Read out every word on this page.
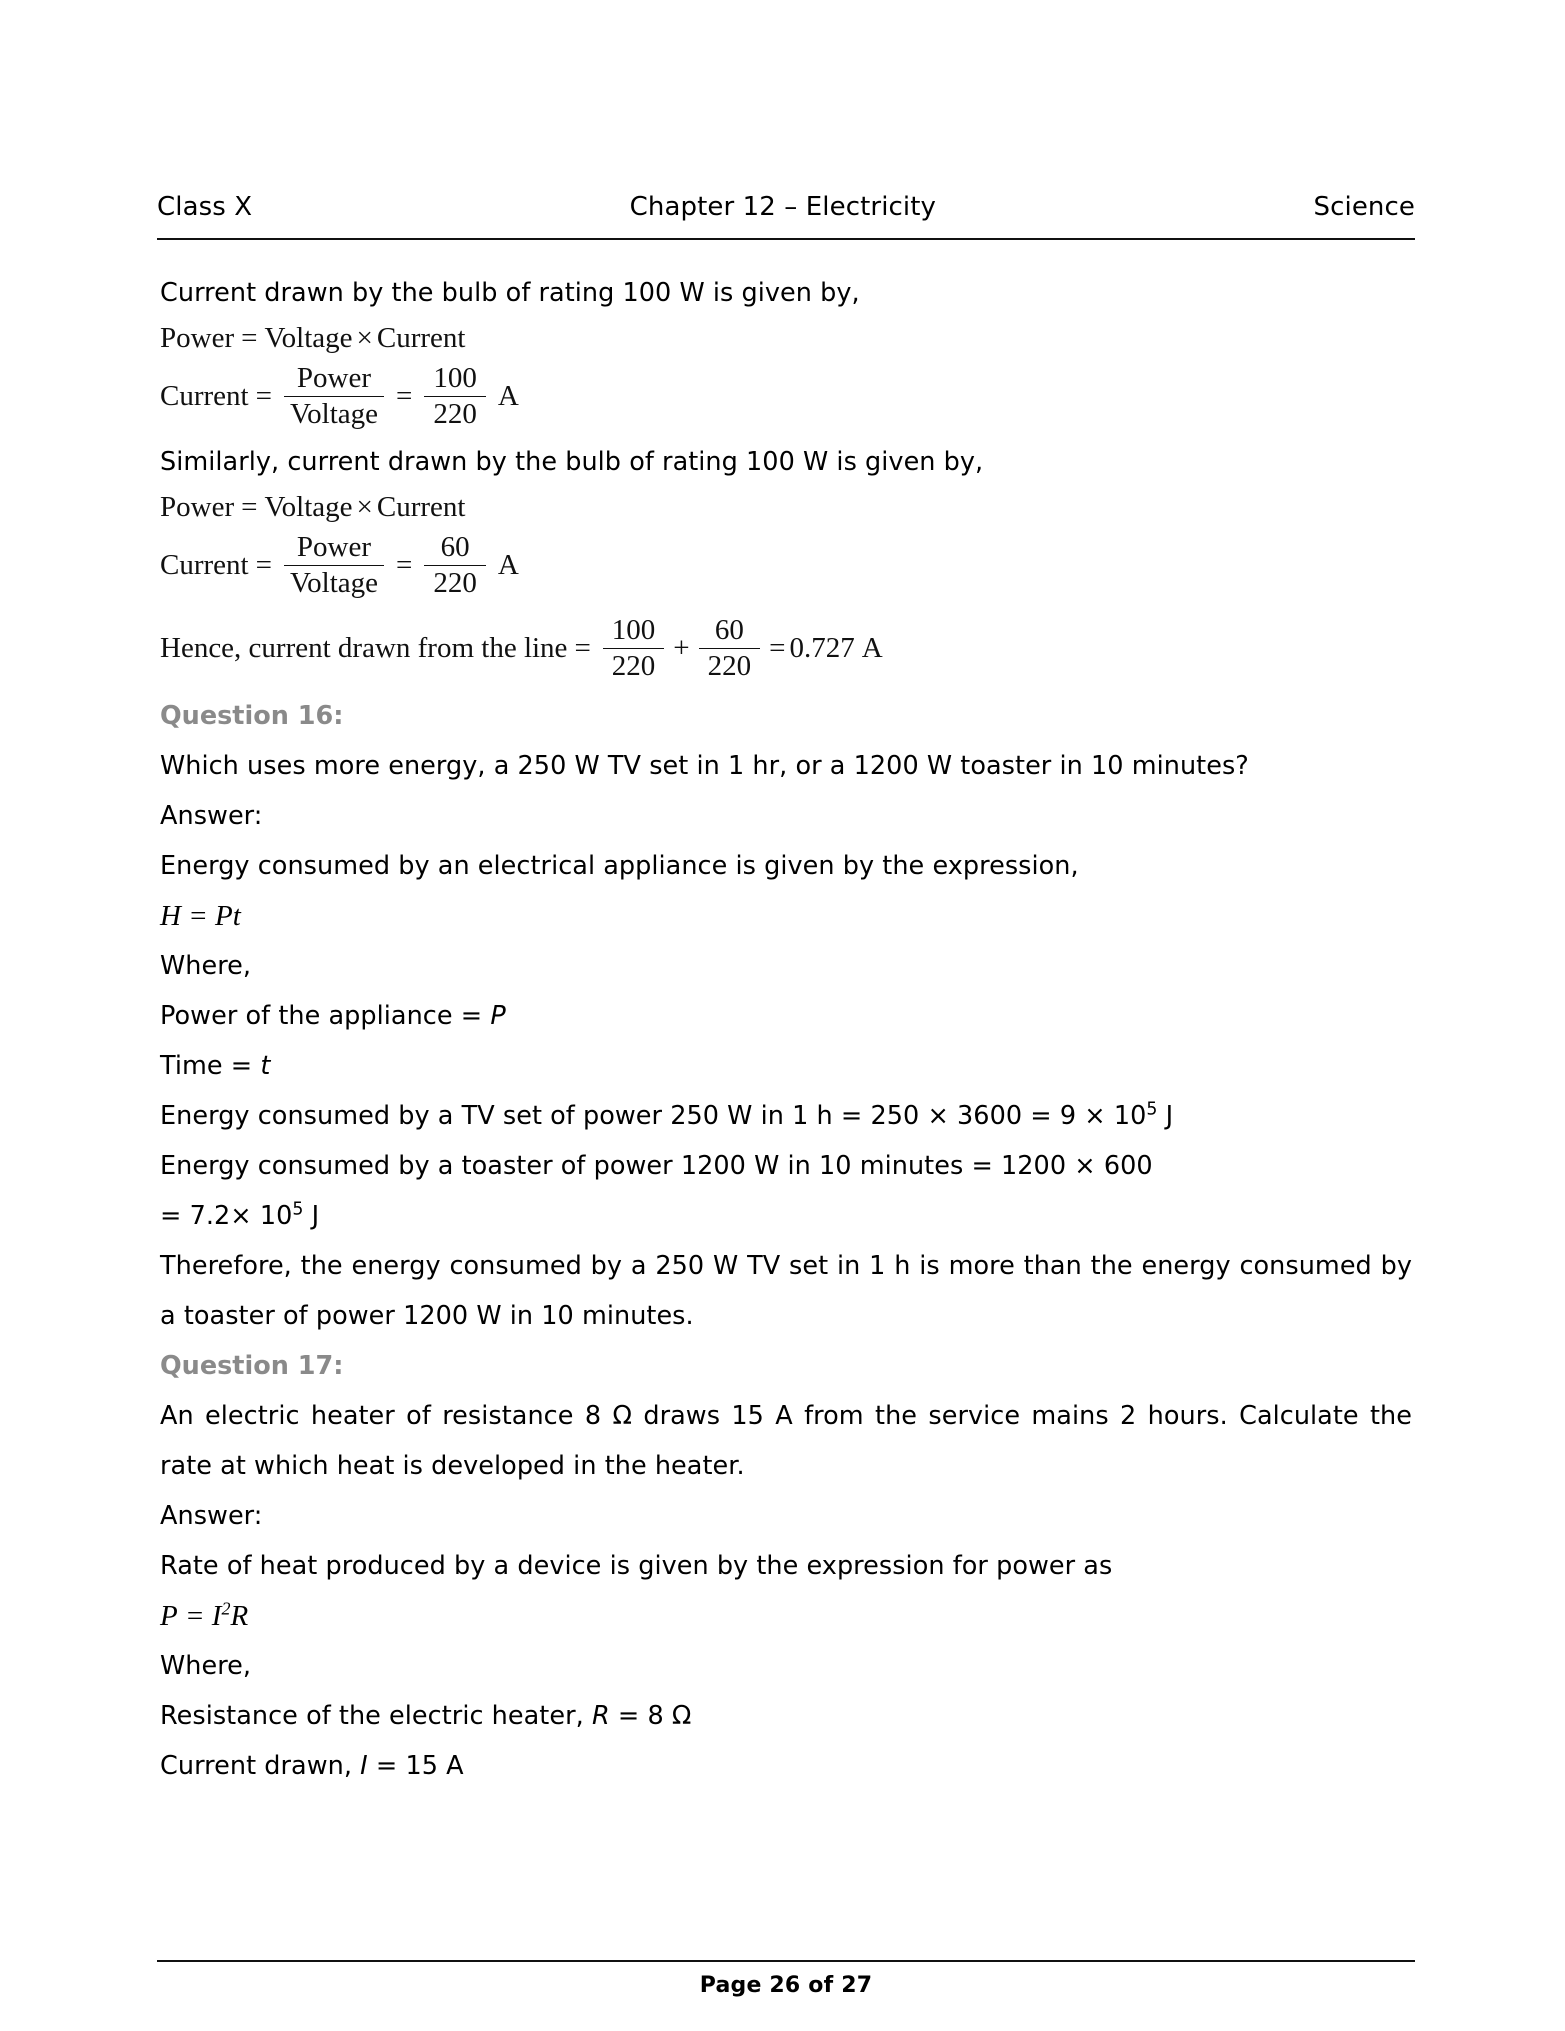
Class X	Chapter 12 – Electricity	Science
Current drawn by the bulb of rating 100 W is given by,
Power = Voltage × Current
Current = $\frac{\text{Power}}{\text{Voltage}} = \frac{100}{220}$ A
Similarly, current drawn by the bulb of rating 100 W is given by,
Power = Voltage × Current
Current = $\frac{\text{Power}}{\text{Voltage}} = \frac{60}{220}$ A
Hence, current drawn from the line = $\frac{100}{220} + \frac{60}{220} = 0.727$ A
Question 16:
Which uses more energy, a 250 W TV set in 1 hr, or a 1200 W toaster in 10 minutes?
Answer:
Energy consumed by an electrical appliance is given by the expression,
H = Pt
Where,
Power of the appliance = P
Time = t
Energy consumed by a TV set of power 250 W in 1 $h = 250 \times 3600 = 9 \times 10^5$ J
Energy consumed by a toaster of power 1200 W in 10 minutes = 1200 × 600
= $7.2\times 10^5$ J
Therefore, the energy consumed by a 250 W TV set in 1 h is more than the energy consumed by a toaster of power 1200 W in 10 minutes.
Question 17:
An electric heater of resistance 8 Ω draws 15 A from the service mains 2 hours. Calculate the rate at which heat is developed in the heater.
Answer:
Rate of heat produced by a device is given by the expression for power as
$P = I^2R$
Where,
Resistance of the electric heater, R = 8 Ω
Current drawn, I = 15 A
Page 26 of 27
